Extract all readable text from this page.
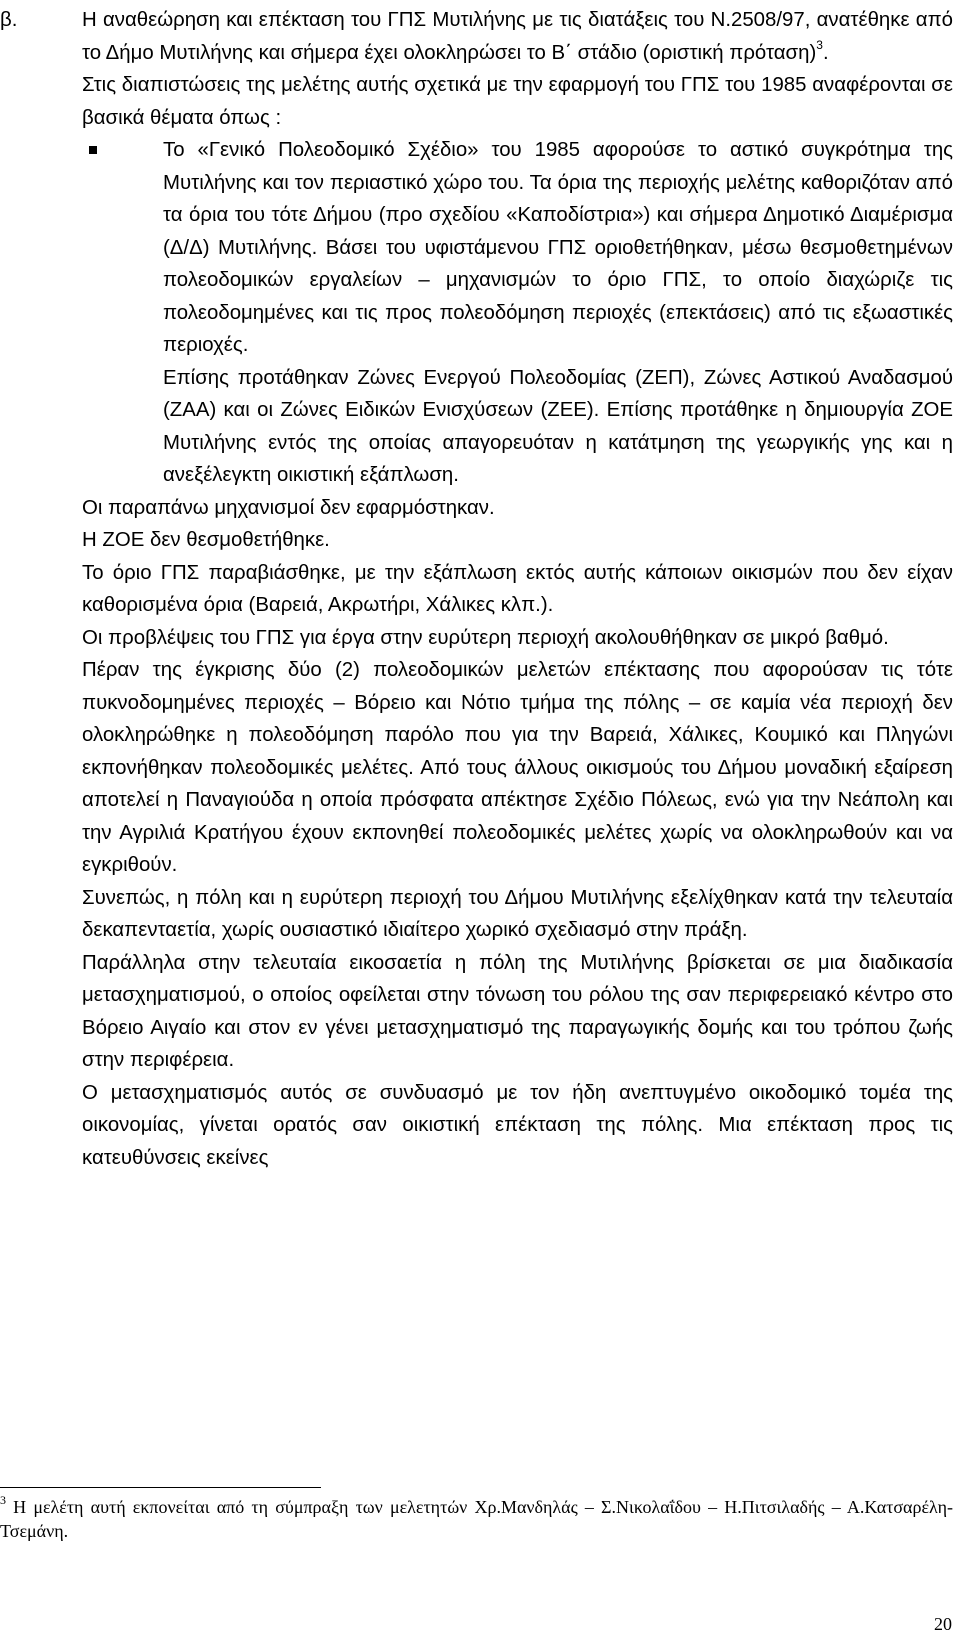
β.	Η αναθεώρηση και επέκταση του ΓΠΣ Μυτιλήνης με τις διατάξεις του Ν.2508/97, ανατέθηκε από το Δήμο Μυτιλήνης και σήμερα έχει ολοκληρώσει το Β΄ στάδιο (οριστική πρόταση)$^3$.

Στις διαπιστώσεις της μελέτης αυτής σχετικά με την εφαρμογή του ΓΠΣ του 1985 αναφέρονται σε βασικά θέματα όπως :

Το «Γενικό Πολεοδομικό Σχέδιο» του 1985 αφορούσε το αστικό συγκρότημα της Μυτιλήνης και τον περιαστικό χώρο του. Τα όρια της περιοχής μελέτης καθοριζόταν από τα όρια του τότε Δήμου (προ σχεδίου «Καποδίστρια») και σήμερα Δημοτικό Διαμέρισμα (Δ/Δ) Μυτιλήνης. Βάσει του υφιστάμενου ΓΠΣ οριοθετήθηκαν, μέσω θεσμοθετημένων πολεοδομικών εργαλείων – μηχανισμών το όριο ΓΠΣ, το οποίο διαχώριζε τις πολεοδομημένες και τις προς πολεοδόμηση περιοχές (επεκτάσεις) από τις εξωαστικές περιοχές.

Επίσης προτάθηκαν Ζώνες Ενεργού Πολεοδομίας (ΖΕΠ), Ζώνες Αστικού Αναδασμού (ΖΑΑ) και οι Ζώνες Ειδικών Ενισχύσεων (ΖΕΕ). Επίσης προτάθηκε η δημιουργία ΖΟΕ Μυτιλήνης εντός της οποίας απαγορευόταν η κατάτμηση της γεωργικής γης και η ανεξέλεγκτη οικιστική εξάπλωση.

Οι παραπάνω μηχανισμοί δεν εφαρμόστηκαν.

Η ΖΟΕ δεν θεσμοθετήθηκε.

Το όριο ΓΠΣ παραβιάσθηκε, με την εξάπλωση εκτός αυτής κάποιων οικισμών που δεν είχαν καθορισμένα όρια (Βαρειά, Ακρωτήρι, Χάλικες κλπ.).

Οι προβλέψεις του ΓΠΣ για έργα στην ευρύτερη περιοχή ακολουθήθηκαν σε μικρό βαθμό.

Πέραν της έγκρισης δύο (2) πολεοδομικών μελετών επέκτασης που αφορούσαν τις τότε πυκνοδομημένες περιοχές – Βόρειο και Νότιο τμήμα της πόλης – σε καμία νέα περιοχή δεν ολοκληρώθηκε η πολεοδόμηση παρόλο που για την Βαρειά, Χάλικες, Κουμικό και Πληγώνι εκπονήθηκαν πολεοδομικές μελέτες. Από τους άλλους οικισμούς του Δήμου μοναδική εξαίρεση αποτελεί η Παναγιούδα η οποία πρόσφατα απέκτησε Σχέδιο Πόλεως, ενώ για την Νεάπολη και την Αγριλιά Κρατήγου έχουν εκπονηθεί πολεοδομικές μελέτες χωρίς να ολοκληρωθούν και να εγκριθούν.

Συνεπώς, η πόλη και η ευρύτερη περιοχή του Δήμου Μυτιλήνης εξελίχθηκαν κατά την τελευταία δεκαπενταετία, χωρίς ουσιαστικό ιδιαίτερο χωρικό σχεδιασμό στην πράξη.

Παράλληλα στην τελευταία εικοσαετία η πόλη της Μυτιλήνης βρίσκεται σε μια διαδικασία μετασχηματισμού, ο οποίος οφείλεται στην τόνωση του ρόλου της σαν περιφερειακό κέντρο στο Βόρειο Αιγαίο και στον εν γένει μετασχηματισμό της παραγωγικής δομής και του τρόπου ζωής στην περιφέρεια.

Ο μετασχηματισμός αυτός σε συνδυασμό με τον ήδη ανεπτυγμένο οικοδομικό τομέα της οικονομίας, γίνεται ορατός σαν οικιστική επέκταση της πόλης. Μια επέκταση προς τις κατευθύνσεις εκείνες

$^3$ Η μελέτη αυτή εκπονείται από τη σύμπραξη των μελετητών Χρ.Μανδηλάς – Σ.Νικολαΐδου – Η.Πιτσιλαδής – Α.Κατσαρέλη-Τσεμάνη.

20
